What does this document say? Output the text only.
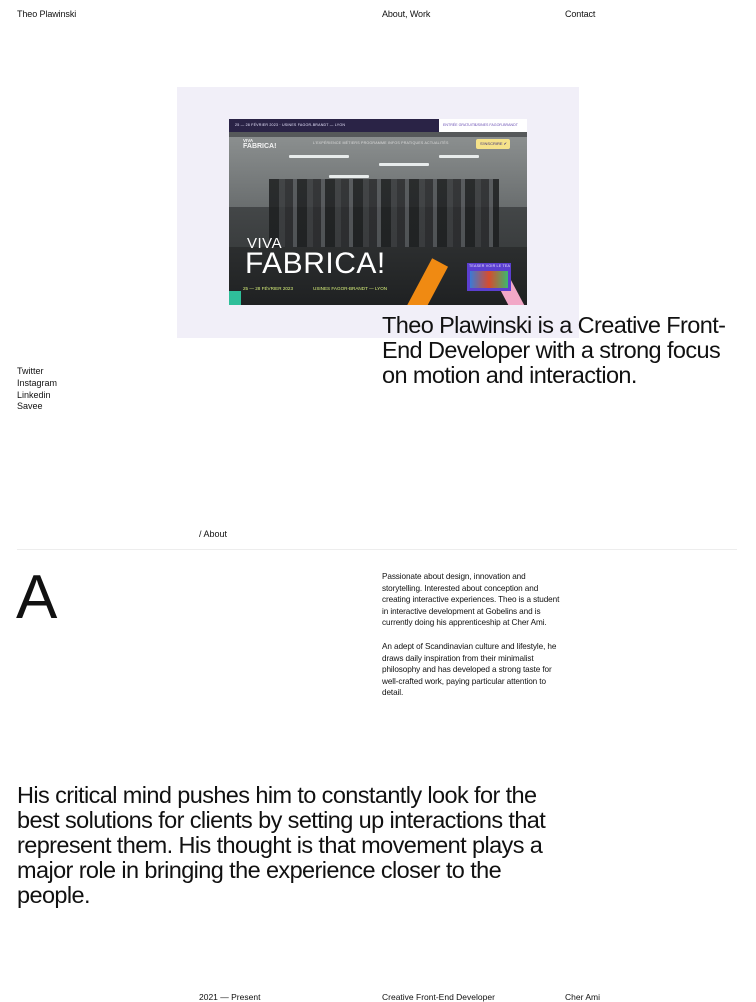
Theo Plawinski	About, Work	Contact
25 — 28 FÉVRIER 2023 · USINES FAGOR-BRANDT — LYON	ENTRÉE GRATUITE
USINES FAGOR-BRANDT
VIVA
FABRICA!	L'EXPÉRIENCE MÉTIERS PROGRAMME INFOS PRATIQUES ACTUALITÉS	S'INSCRIRE ✔
VIVA
FABRICA!	TEASER VOIR LE TEA
25 — 28 FÉVRIER 2023	USINES FAGOR-BRANDT — LYON
Theo Plawinski is a Creative Front-End Developer with a strong focus on motion and interaction.
Twitter
Instagram
Linkedin
Savee
/ About
A	Passionate about design, innovation and storytelling. Interested about conception and creating interactive experiences. Theo is a student in interactive development at Gobelins and is currently doing his apprenticeship at Cher Ami.

An adept of Scandinavian culture and lifestyle, he draws daily inspiration from their minimalist philosophy and has developed a strong taste for well-crafted work, paying particular attention to detail.

His critical mind pushes him to constantly look for the best solutions for clients by setting up interactions that represent them. His thought is that movement plays a major role in bringing the experience closer to the people.

2021 — Present	Creative Front-End Developer	Cher Ami
